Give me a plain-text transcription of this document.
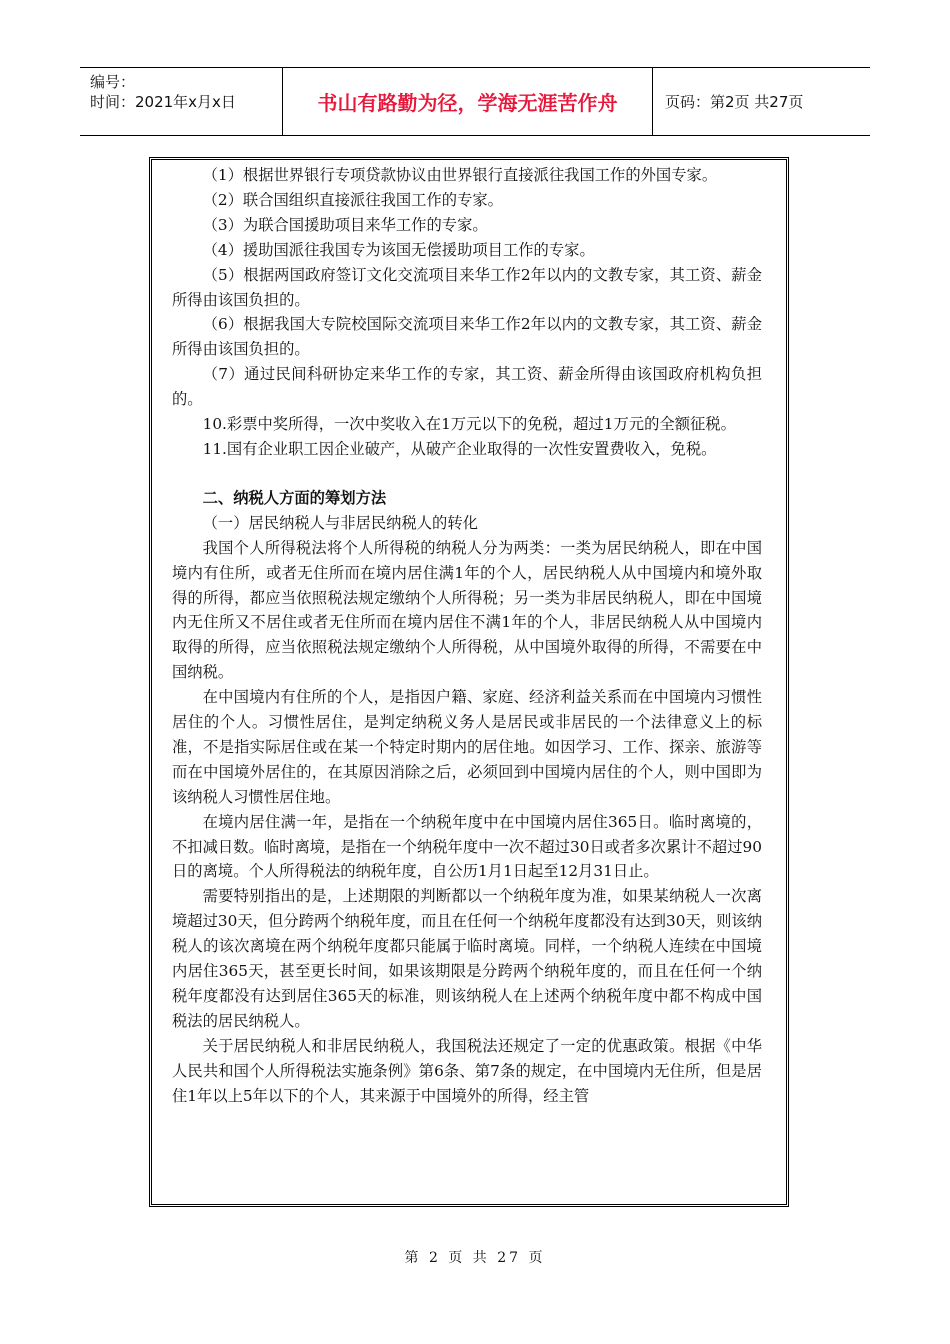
编号：
时间：2021年x月x日	书山有路勤为径，学海无涯苦作舟	页码：第2页 共27页

（1）根据世界银行专项贷款协议由世界银行直接派往我国工作的外国专家。

（2）联合国组织直接派往我国工作的专家。

（3）为联合国援助项目来华工作的专家。

（4）援助国派往我国专为该国无偿援助项目工作的专家。

（5）根据两国政府签订文化交流项目来华工作2年以内的文教专家，其工资、薪金所得由该国负担的。

（6）根据我国大专院校国际交流项目来华工作2年以内的文教专家，其工资、薪金所得由该国负担的。

（7）通过民间科研协定来华工作的专家，其工资、薪金所得由该国政府机构负担的。

10.彩票中奖所得，一次中奖收入在1万元以下的免税，超过1万元的全额征税。

11.国有企业职工因企业破产，从破产企业取得的一次性安置费收入，免税。

二、纳税人方面的筹划方法

（一）居民纳税人与非居民纳税人的转化

我国个人所得税法将个人所得税的纳税人分为两类：一类为居民纳税人，即在中国境内有住所，或者无住所而在境内居住满1年的个人，居民纳税人从中国境内和境外取得的所得，都应当依照税法规定缴纳个人所得税；另一类为非居民纳税人，即在中国境内无住所又不居住或者无住所而在境内居住不满1年的个人，非居民纳税人从中国境内取得的所得，应当依照税法规定缴纳个人所得税，从中国境外取得的所得，不需要在中国纳税。

在中国境内有住所的个人，是指因户籍、家庭、经济利益关系而在中国境内习惯性居住的个人。习惯性居住，是判定纳税义务人是居民或非居民的一个法律意义上的标准，不是指实际居住或在某一个特定时期内的居住地。如因学习、工作、探亲、旅游等而在中国境外居住的，在其原因消除之后，必须回到中国境内居住的个人，则中国即为该纳税人习惯性居住地。

在境内居住满一年，是指在一个纳税年度中在中国境内居住365日。临时离境的，不扣减日数。临时离境，是指在一个纳税年度中一次不超过30日或者多次累计不超过90日的离境。个人所得税法的纳税年度，自公历1月1日起至12月31日止。

需要特别指出的是，上述期限的判断都以一个纳税年度为准，如果某纳税人一次离境超过30天，但分跨两个纳税年度，而且在任何一个纳税年度都没有达到30天，则该纳税人的该次离境在两个纳税年度都只能属于临时离境。同样，一个纳税人连续在中国境内居住365天，甚至更长时间，如果该期限是分跨两个纳税年度的，而且在任何一个纳税年度都没有达到居住365天的标准，则该纳税人在上述两个纳税年度中都不构成中国税法的居民纳税人。

关于居民纳税人和非居民纳税人，我国税法还规定了一定的优惠政策。根据《中华人民共和国个人所得税法实施条例》第6条、第7条的规定，在中国境内无住所，但是居住1年以上5年以下的个人，其来源于中国境外的所得，经主管

第 2 页 共 27 页
